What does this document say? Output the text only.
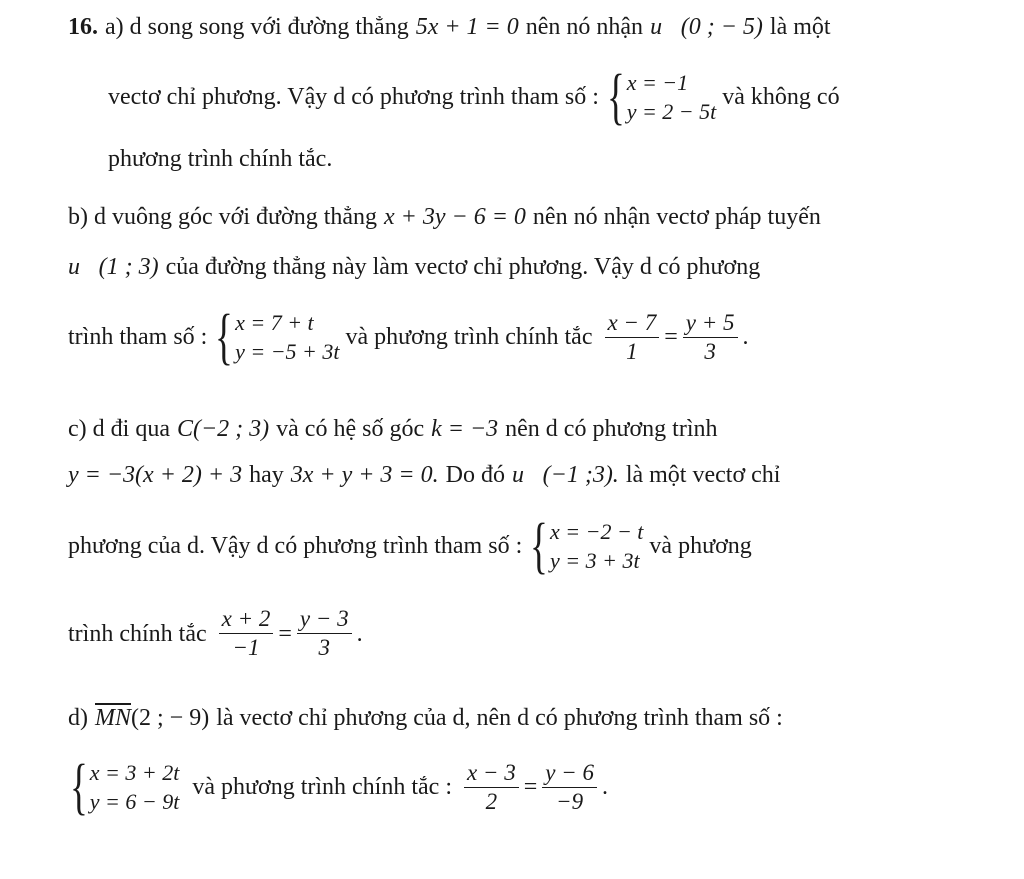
16. a) d song song với đường thẳng 5x + 1 = 0 nên nó nhận u⃗(0 ; − 5) là một
vectơ chỉ phương. Vậy d có phương trình tham số : { x = −1
y = 2 − 5t
và không có
phương trình chính tắc.
b) d vuông góc với đường thẳng x + 3y − 6 = 0 nên nó nhận vectơ pháp tuyến
u⃗(1 ; 3) của đường thẳng này làm vectơ chỉ phương. Vậy d có phương
trình tham số : { x = 7 + t
y = −5 + 3t
và phương trình chính tắc $\frac{x - 7}{1} = \frac{y + 5}{3}$ .
c) d đi qua C(−2 ; 3) và có hệ số góc k = −3 nên d có phương trình
y = −3(x + 2) + 3 hay 3x + y + 3 = 0. Do đó u⃗(−1 ;3). là một vectơ chỉ
phương của d. Vậy d có phương trình tham số : { x = −2 − t
y = 3 + 3t
và phương
trình chính tắc $\frac{x + 2}{-1} = \frac{y - 3}{3}$ .
d) $\overline{MN}$ (2 ; − 9) là vectơ chỉ phương của d, nên d có phương trình tham số :
{ x = 3 + 2t
y = 6 − 9t
và phương trình chính tắc : $\frac{x - 3}{2} = \frac{y - 6}{-9}$ .
